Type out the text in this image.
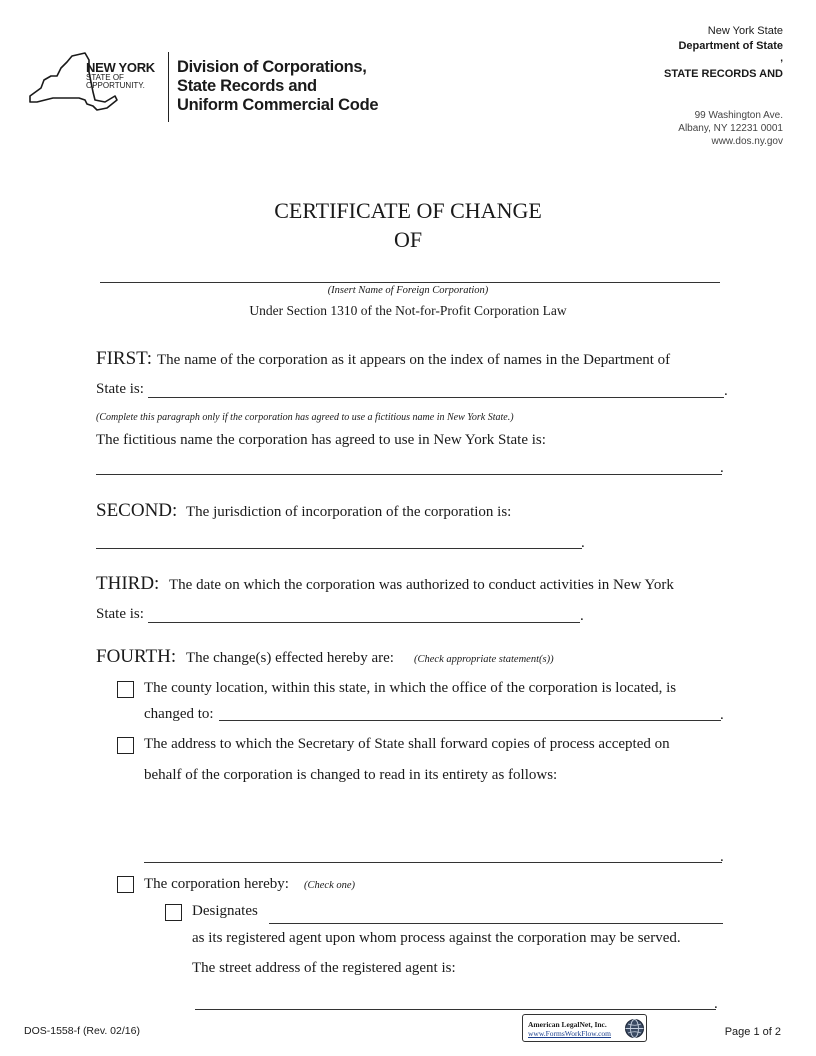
NEW YORK
STATE OF
OPPORTUNITY.
Division of Corporations,
State Records and
Uniform Commercial Code
New York State
Department of State
,
STATE RECORDS AND
99 Washington Ave.
Albany, NY 12231 0001
www.dos.ny.gov
CERTIFICATE OF CHANGE
OF
(Insert Name of Foreign Corporation)
Under Section 1310 of the Not-for-Profit Corporation Law
FIRST: The name of the corporation as it appears on the index of names in the Department of
State is:	.
(Complete this paragraph only if the corporation has agreed to use a fictitious name in New York State.)
The fictitious name the corporation has agreed to use in New York State is:
.
SECOND: The jurisdiction of incorporation of the corporation is:
.
THIRD: The date on which the corporation was authorized to conduct activities in New York
State is:	.
FOURTH: The change(s) effected hereby are: (Check appropriate statement(s))
The county location, within this state, in which the office of the corporation is located, is
changed to:	.
The address to which the Secretary of State shall forward copies of process accepted on
behalf of the corporation is changed to read in its entirety as follows:
.
The corporation hereby: (Check one)
Designates
as its registered agent upon whom process against the corporation may be served.
The street address of the registered agent is:
.
DOS-1558-f (Rev. 02/16)
American LegalNet, Inc.
www.FormsWorkFlow.com	Page 1 of 2
